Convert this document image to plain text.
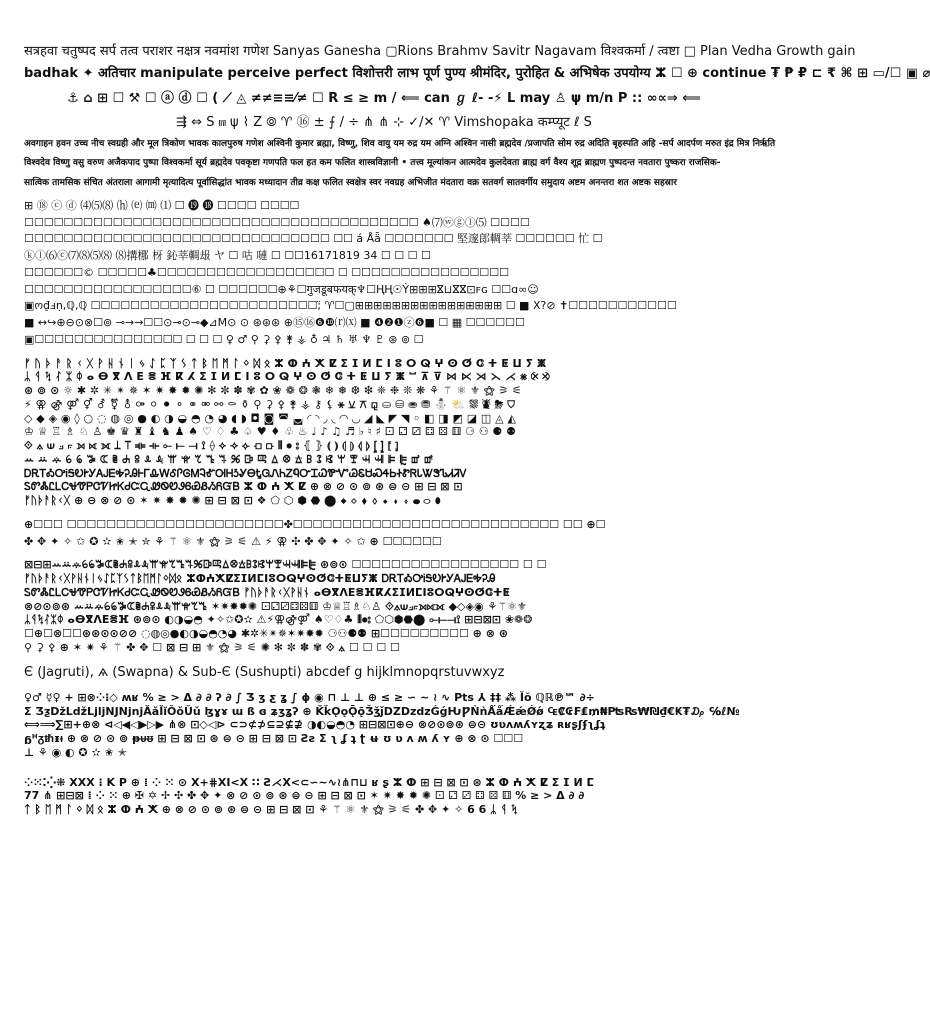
सत्रहवा चतुष्पद सर्प तत्व पराशर नक्षत्र नवमांश गणेश Sanyas Ganesha ▢Rions Brahmv Savitr Nagavam विश्वकर्मा / त्वष्टा □ Plan Vedha Growth gain
badhak ✦ अतिचार manipulate perceive perfect विशोत्तरी लाभ पूर्ण पुण्य श्रीमंदिर, पुरोहित & अभिषेक उपयोग्य ⵣ ☐ ⊕ continue ₮ ₱ ₽ ⊏ ₹ ⌘ ⊞ ▭/☐ ▣ ⌀
⚓ ⌂ ⊞ ☐ ⚒ ☐ ⓐ ⓓ ☐ ( ⟋ ◬ ≠≠≡≡⁄≠ ☐ R ≤ ≥ m / ⟸ can ℊ ℓ- -⚡ L may ♙ ψ m/n P :: ∞∝⇒ ⟸
⇶ ⇔ S ⩎ ψ ⌇ Z ⦾ ♈ ⑯ ± ⨍ / ÷ ⋔ ⋔ ⊹ ✓/✕ ♈ Vimshopaka कम्प्यूट ℓ S
अवगाहन हवन उच्च नीच स्वग्रही और मूल त्रिकोण भावक कालपुरुष गणेश अश्विनी कुमार ब्रह्मा, विष्णु, शिव वायु यम रुद्र यम अग्नि अश्विन नासी ब्रह्मदेव /प्रजापति सोम रुद्र अदिति बृहस्पति अहि -सर्प आदर्पण मरुत इंद्र मित्र निर्ऋति
विश्वदेव विष्णु वसु वरुण अजैकपाद पुष्पा विश्वकर्मा सूर्य ब्रह्मदेव पवकृष्टा गणपति फल हत कम फलित शास्त्रविज्ञानी • तत्त्व मूल्यांकन आत्मदेव कुलदेवता ब्राह्म वर्ग वैश्य शूद्र ब्राह्मण पुष्पदन्त नवतारा पुष्करा राजसिक-
सात्विक तामसिक संचित अंतराला आगामी मृत्यादित्य पूर्वासिद्धांत भावक मध्यादान तीव्र कक्ष फलित स्वक्षेत्र स्वर नवग्रह अभिजीत मंदतारा वक्र सतवर्ग सातवर्गीय समुदाय अष्टम अनन्तरा शत अष्टक सहस्रार
⊞ ⑱ ⓒ ⓓ ⑷⑸⑻ ⒣ ⒠ ⒨ ⑴ ☐ ⓳ ⓲ ☐☐☐☐ ☐☐☐☐
☐☐☐☐☐☐☐☐☐☐☐☐☐☐☐☐☐☐☐☐☐☐☐☐☐☐☐☐☐☐☐☐☐☐☐☐☐☐☐☐ ♠⑺ⓦⓖⓛ⑸ ☐☐☐☐
☐☐☐☐☐☐☐☐☐☐☐☐☐☐☐☐☐☐☐☐☐☐☐☐☐☐☐☐☐☐☐ ☐☐ á Åǟ ☐☐☐☐☐☐☐ 堅邃郎輖莘 ☐☐☐☐☐☐ 忙 ☐
ⓚⓛ⑹ⓒ⑺⑻⑸⑻ ⑻搆梛 枒 鈊莘輖叝 ヤ ☐ 咕 嗹 ☐ ☐☐16171819 34 ☐ ☐ ☐ ☐
☐☐☐☐☐☐© ☐☐☐☐☐♣☐☐☐☐☐☐☐☐☐☐☐☐☐☐☐☐☐☐ ☐ ☐☐☐☐☐☐☐☐☐☐☐☐☐☐☐☐
☐☐☐☐☐☐☐☐☐☐☐☐☐☐☐☐☐⑥ ☐ ☐☐☐☐☐☐⊕⚘☐गुजडूबफयक्♆☐ⱧⱧ☉Ẏ⊞⊞⊞ⴵ⊔ⴵⴵ⊡ꜰɢ ☐☐ɑ∞☺
▣ო₫ⅎṇ,ℚ,ℚ ☐☐☐☐☐☐☐☐☐☐☐☐☐☐☐☐☐☐☐☐☐☐☐;̈ ♈☐▢⊞⊞⊞⊞⊞⊞⊞⊞⊞⊞⊞⊞⊞⊞⊞⊞ ☐ ■ X?⊘ ✝☐☐☐☐☐☐☐☐☐☐☐
■ ↔↪⊕⊖⊙⊗☐⊚ ⊸→→☐☐⊙⊸⊙⊸◆⊿M⊙ ⊙ ⊛⊛⊛ ⊕⑮⑯❻❿⒭⒳ ■ ❹❷❶ⓩ❻■ ☐ ▦ ☐☐☐☐☐☐
▣☐☐☐☐☐☐☐☐☐☐☐☐☐☐☐ ☐ ☐ ☐ ♀ ♂ ⚲ ⚳ ⚴ ⚵ ⚶ ♁ ♃ ♄ ♅ ♆ ♇ ⊛ ⊚ ☐
ᚠ ᚢ ᚦ ᚨ ᚱ ᚲ ᚷ ᚹ ᚺ ᚾ ᛁ ᛃ ᛇ ᛈ ᛉ ᛊ ᛏ ᛒ ᛖ ᛗ ᛚ ᛜ ᛞ ᛟ ⵣ ⵀ ⵄ ⵅ ⵇ ⵉ ⵊ ⵍ ⵎ ⵏ ⵓ ⵔ ⵕ ⵖ ⵙ ⵚ ⵛ ⵜ ⵟ ⵡ ⵢ ⵥ
ᛦ ᛩ ᛪ ᛮ ᛯ ᛰ ⴰ ⴱ ⴳ ⴷ ⴹ ⴻ ⴼ ⴽ ⵃ ⵉ ⵊ ⵍ ⵎ ⵏ ⵓ ⵔ ⵕ ⵖ ⵙ ⵚ ⵛ ⵜ ⵟ ⵡ ⵢ ⵥ ⵯ ⊼ ⊽ ⋈ ⋉ ⋊ ⋋ ⋌ ⨳ ⨴ ⨵
⊛ ⊚ ⊙ ☼ ✱ ✲ ✳ ✴ ✵ ✶ ✷ ✸ ✹ ✺ ✻ ✼ ✽ ✾ ✿ ❀ ❁ ❂ ❃ ❄ ❅ ❆ ❇ ❈ ❉ ❊ ❋ ⚘ ⚚ ⚛ ⚜ ⚝ ⚞ ⚟
⚡ ⚢ ⚣ ⚤ ⚥ ⚦ ⚧ ⚨ ⚩ ⚪ ⚫ ⚬ ⚭ ⚮ ⚯ ⚰ ⚱ ⚲ ⚳ ⚴ ⚵ ⚶ ⚷ ⚸ ⚹ ⚺ ⚻ ⚼ ⛀ ⛁ ⛂ ⛃ ⛄ ⛅ ⛆ ⛇ ⛈ ⛉
◇ ◆ ◈ ◉ ◊ ○ ◌ ◍ ◎ ● ◐ ◑ ◒ ◓ ◔ ◕ ◖ ◗ ◘ ◙ ◚ ◛ ◜ ◝ ◞ ◟ ◠ ◡ ◢ ◣ ◤ ◥ ◦ ◧ ◨ ◩ ◪ ◫ ◬ ◭
♔ ♕ ♖ ♗ ♘ ♙ ♚ ♛ ♜ ♝ ♞ ♟ ♠ ♡ ♢ ♣ ♤ ♥ ♦ ♧ ♨ ♩ ♪ ♫ ♬ ♭ ♮ ♯ ⚀ ⚁ ⚂ ⚃ ⚄ ⚅ ⚆ ⚇ ⚈ ⚉
⟐ ⟑ ⟒ ⟓ ⟔ ⟕ ⟖ ⟗ ⟘ ⟙ ⟚ ⟛ ⟜ ⟝ ⟞ ⟟ ⟠ ⟡ ⟢ ⟣ ⟤ ⟥ ⦀ ⦁ ⦂ ⦃ ⦄ ⦅ ⦆ ⦇ ⦈ ⦉ ⦊ ⦋ ⦌ ⦍ ⦎
ꕀ ꕁ ꕂ ꕃ ꕄ ꕅ ꕆ ꕇ ꕈ ꕉ ꕊ ꕋ ꕌ ꕍ ꕎ ꕏ ꕐ ꕑ ꕒ ꕓ ꕔ ꕕ ꕖ ꕗ ꕘ ꕙ ꕚ ꕛ ꕜ ꕝ ꕞ ꕟ ꕠ ꕡ
ᎠᎡᎢᎣᎤᎥᎦᎧᎨᎩᎪᎫᎬᎭᎮᎯᎰᎱᎲᎳᎴᎵᎶᎷᎸᎹᎺᎻᎼᎽᎾᎿᏀᏁᏂᏃᏄᏅᏆᏇᏈᏉᏊᏋᏌᏍᏎᏏᏐᏑᏒᏓᏔᏕᏖᏗᏘᏙ
ᏚᏛᏜᏝᏞᏟᏠᏡᏢᏣᏤᏥᏦᏧᏨᏩᏪᏫᏬᏭᏮᏯᏰᏱᏲᏳᏴ ⵣ ⵀ ⵄ ⵅ ⵇ ⊕ ⊗ ⊘ ⊙ ⊚ ⊛ ⊜ ⊝ ⊞ ⊟ ⊠ ⊡
ᚠᚢᚦᚨᚱᚲᚷ ⊕ ⊖ ⊗ ⊘ ⊙ ✶ ✷ ✸ ✹ ✺ ⊞ ⊟ ⊠ ⊡ ❖ ⬠ ⬡ ⬢ ⬣ ⬤ ⬥ ⬦ ⬧ ⬨ ⬩ ⬪ ⬫ ⬬ ⬭ ⬮
⊕☐☐☐ ☐☐☐☐☐☐☐☐☐☐☐☐☐☐☐☐☐☐☐☐☐☐✤☐☐☐☐☐☐☐☐☐☐☐☐☐☐☐☐☐☐☐☐☐☐☐☐☐☐☐ ☐☐ ⊕☐
✤ ✥ ✦ ✧ ✩ ✪ ✫ ✬ ✭ ✮ ⚘ ⚚ ⚛ ⚜ ⚝ ⚞ ⚟ ⚠ ⚡ ⚢ ✣ ✤ ✥ ✦ ✧ ✩ ⊕ ☐☐☐☐☐☐
⊠⊟⊞ꕀꕁꕂꕃꕄꕅꕆꕇꕈꕉꕊꕋꕌꕍꕎꕏꕐꕑꕒꕓꕔꕕꕖꕗꕘꕙꕚꕛꕜꕝꕞꕟ ⊛⊚⊙ ☐☐☐☐☐☐☐☐☐☐☐☐☐☐☐☐☐ ☐ ☐
ᚠᚢᚦᚨᚱᚲᚷᚹᚺᚾᛁᛃᛇᛈᛉᛊᛏᛒᛖᛗᛚᛜᛞᛟ ⵣⵀⵄⵅⵇⵉⵊⵍⵎⵏⵓⵔⵕⵖⵙⵚⵛⵜⵟⵡⵢⵥ ᎠᎡᎢᎣᎤᎥᎦᎧᎨᎩᎪᎫᎬᎭᎮᎯ
ᏚᏛᏜᏝᏞᏟᏠᏡᏢᏣᏤᏥᏦᏧᏨᏩᏪᏫᏬᏭᏮᏯᏰᏱᏲᏳᏴ ᚠᚢᚦᚨᚱᚲᚷᚹᚺᚾ ⴰⴱⴳⴷⴹⴻⴼⴽⵃⵉⵊⵍⵎⵏⵓⵔⵕⵖⵙⵚⵛⵜⵟ
⊗⊘⊙⊚⊛ ꕀꕁꕂꕃꕄꕅꕆꕇꕈꕉꕊꕋꕌꕍꕎꕏ ✶✷✸✹✺ ⚀⚁⚂⚃⚄⚅ ♔♕♖♗♘♙ ⟐⟑⟒⟓⟔⟕⟖⟗ ◆◇◈◉ ⚘⚚⚛⚜
ᛦᛩᛪᛮᛯᛰ ⴰⴱⴳⴷⴹⴻⴼ ⊛⊚⊙ ◐◑◒◓ ✦✧✩✪✫ ⚠⚡⚢⚣⚤ ♠♡♢♣ ⦀⦁⦂ ⬠⬡⬢⬣⬤ ⟜⟝⟞⟟ ⊞⊟⊠⊡ ❀❁❂
☐⊕☐⊗☐☐⊛⊛⊙⊙⊘⊘ ◌◍◎●◐◑◒◓◔◕ ✱✲✳✴✵✶✷✸✹ ⚆⚇⚈⚉ ⊞☐☐☐☐☐☐☐☐☐ ⊕ ⊗ ⊛
⚲ ⚳ ⚴ ⊕ ✶ ✷ ⚘ ⚚ ✤ ✥ ☐ ⊠ ⊟ ⊞ ⚜ ⚝ ⚞ ⚟ ✺ ✻ ✼ ✽ ✾ ⟐ ⟑ ☐ ☐ ☐ ☐
Є (Jagruti), ѧ (Swapna) & Sub-Є (Sushupti) abcdef g hijklmnopqrstuvwxyz
♀♂ ☿♀ + ⊞⊗⁘⁝◇ ʍʁ % ≥ > Δ ∂ ∂ ʔ ∂ ∫ Ʒ ʒ ƹ ʓ ∫ ɸ ◉ ⊓ ⊥ ⊥ ⊕ ≤ ≥ ∽ ∼ ≀ ∿ Pts ⅄ ‡‡ ⁂ Ĭŏ ℚℝ℗℠ ∂÷
Ʃ ƷƺǅLǆLjljNJNjnjǍǎǏǐǑǒǓǔ ɮɣɤ ɯ ß ɞ ʑʒʓʔ ⊕ ǨǩǪǫǬǭǮǯǰǱǲǳǴǵǶǷǸǹǺǻǼǽǾǿ ₠₡₢₣₤₥₦₧₨₩₪₫€₭₮₯ ℅ℓ№
⟺⟹∑⊞+⊕⊗ ⊲◁◀◁▶▷▶ ⋔⊗ ⊡◇◁⊳ ⊂⊃⊄⊅⊆⊇⊈⊉ ◑◐◒◓◔ ⊞⊟⊠⊡⊕⊖ ⊗⊘⊙⊚⊛ ⊜⊝ ʊʋʌʍʎʏʐʑ ʀʁʂʃʄʅʆʇ
ᵷᵸᵹᵺᵻᵼ ⊕ ⊗ ⊘ ⊙ ⊚ ᵽᵾᵿ ⊞ ⊟ ⊠ ⊡ ⊛ ⊜ ⊝ ⊞ ⊟ ⊠ ⊡ Ƨƨ Ʃ ʅ ʆ ʇ ʈ ʉ ʊ ʋ ʌ ʍ ʎ ʏ ⊕ ⊗ ⊙ ☐☐☐
⊥ ⚘ ◉ ◐ ✪ ✫ ✬ ✭
⁘⁙⁚⁛⁜ XXX ⁝ K P ⊕ ⁞ ⁘ ⁙ ⊙ X+⋕XI<X ∷ Ƨ⋌X<⊂∽∼∿≀⋔⊓⊔ ʁ ʂ ⵣ ⵀ ⊞ ⊟ ⊠ ⊡ ⊛ ⵣ ⵀ ⵄ ⵅ ⵇ ⵉ ⵊ ⵍ ⵎ
77 ⋔ ⊞⊟⊠ ⁞ ⁘ ⁙ ⊕ ✠ ✡ ✢ ✣ ✤ ✥ ✦ ⊗ ⊘ ⊙ ⊚ ⊛ ⊜ ⊝ ⊞ ⊟ ⊠ ⊡ ✶ ✷ ✸ ✹ ✺ ⚀ ⚁ ⚂ ⚃ ⚄ ⚅ % ≥ > Δ ∂ ∂
ᛏ ᛒ ᛖ ᛗ ᛚ ᛜ ᛞ ᛟ ⵣ ⵀ ⵄ ⵅ ⊕ ⊗ ⊘ ⊙ ⊚ ⊛ ⊜ ⊝ ⊞ ⊟ ⊠ ⊡ ⚘ ⚚ ⚛ ⚜ ⚝ ⚞ ⚟ ✤ ✥ ✦ ✧ 6 6 ᛦ ᛩ ᛪ
